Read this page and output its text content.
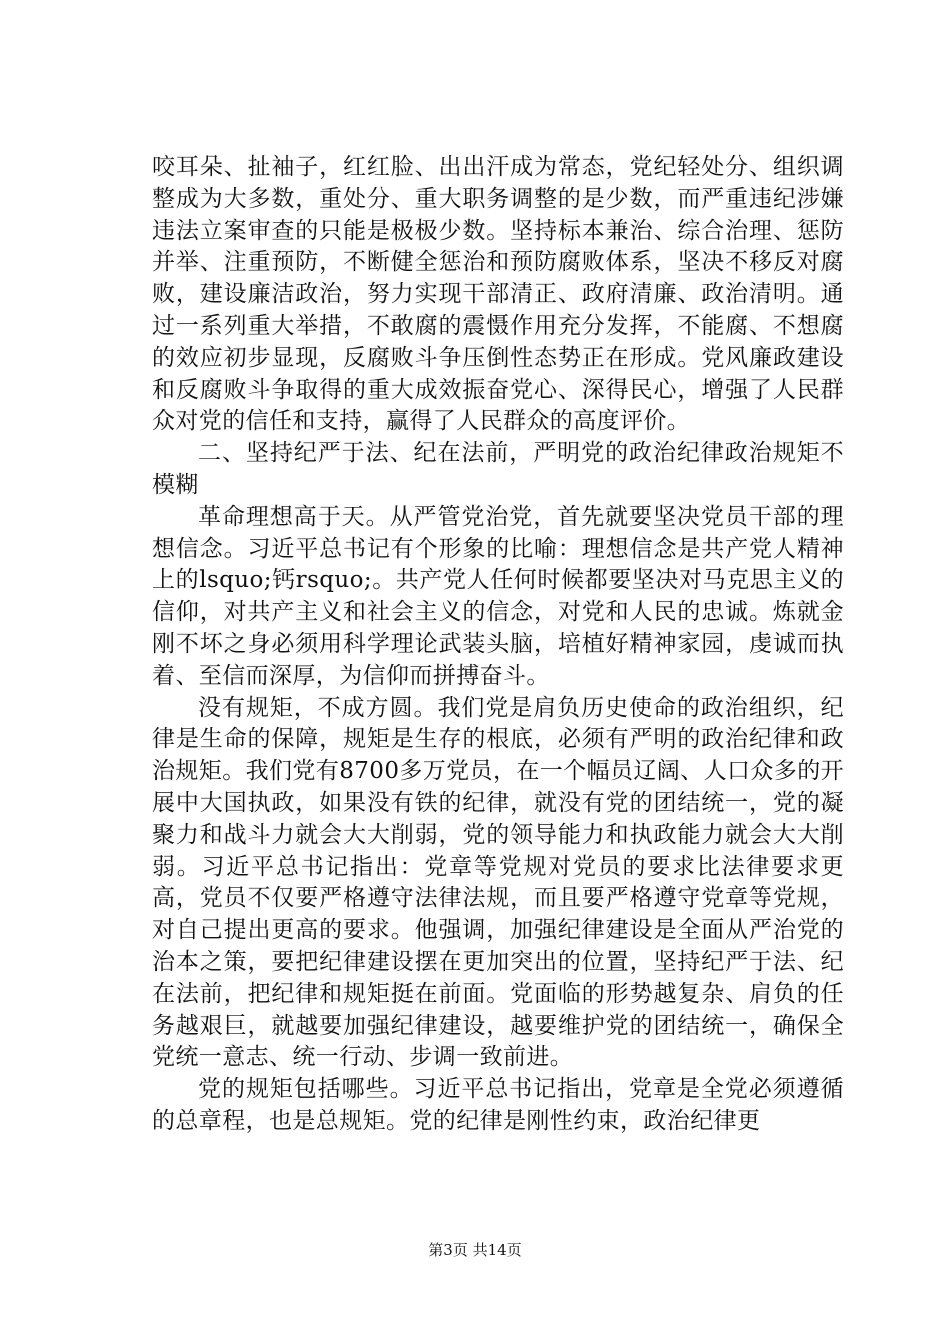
咬耳朵、扯袖子，红红脸、出出汗成为常态，党纪轻处分、组织调整成为大多数，重处分、重大职务调整的是少数，而严重违纪涉嫌违法立案审查的只能是极极少数。坚持标本兼治、综合治理、惩防并举、注重预防，不断健全惩治和预防腐败体系，坚决不移反对腐败，建设廉洁政治，努力实现干部清正、政府清廉、政治清明。通过一系列重大举措，不敢腐的震慑作用充分发挥，不能腐、不想腐的效应初步显现，反腐败斗争压倒性态势正在形成。党风廉政建设和反腐败斗争取得的重大成效振奋党心、深得民心，增强了人民群众对党的信任和支持，赢得了人民群众的高度评价。

二、坚持纪严于法、纪在法前，严明党的政治纪律政治规矩不模糊

革命理想高于天。从严管党治党，首先就要坚决党员干部的理想信念。习近平总书记有个形象的比喻：理想信念是共产党人精神上的lsquo;钙rsquo;。共产党人任何时候都要坚决对马克思主义的信仰，对共产主义和社会主义的信念，对党和人民的忠诚。炼就金刚不坏之身必须用科学理论武装头脑，培植好精神家园，虔诚而执着、至信而深厚，为信仰而拼搏奋斗。

没有规矩，不成方圆。我们党是肩负历史使命的政治组织，纪律是生命的保障，规矩是生存的根底，必须有严明的政治纪律和政治规矩。我们党有8700多万党员，在一个幅员辽阔、人口众多的开展中大国执政，如果没有铁的纪律，就没有党的团结统一，党的凝聚力和战斗力就会大大削弱，党的领导能力和执政能力就会大大削弱。习近平总书记指出：党章等党规对党员的要求比法律要求更高，党员不仅要严格遵守法律法规，而且要严格遵守党章等党规，对自己提出更高的要求。他强调，加强纪律建设是全面从严治党的治本之策，要把纪律建设摆在更加突出的位置，坚持纪严于法、纪在法前，把纪律和规矩挺在前面。党面临的形势越复杂、肩负的任务越艰巨，就越要加强纪律建设，越要维护党的团结统一，确保全党统一意志、统一行动、步调一致前进。

党的规矩包括哪些。习近平总书记指出，党章是全党必须遵循的总章程，也是总规矩。党的纪律是刚性约束，政治纪律更

第3页 共14页
